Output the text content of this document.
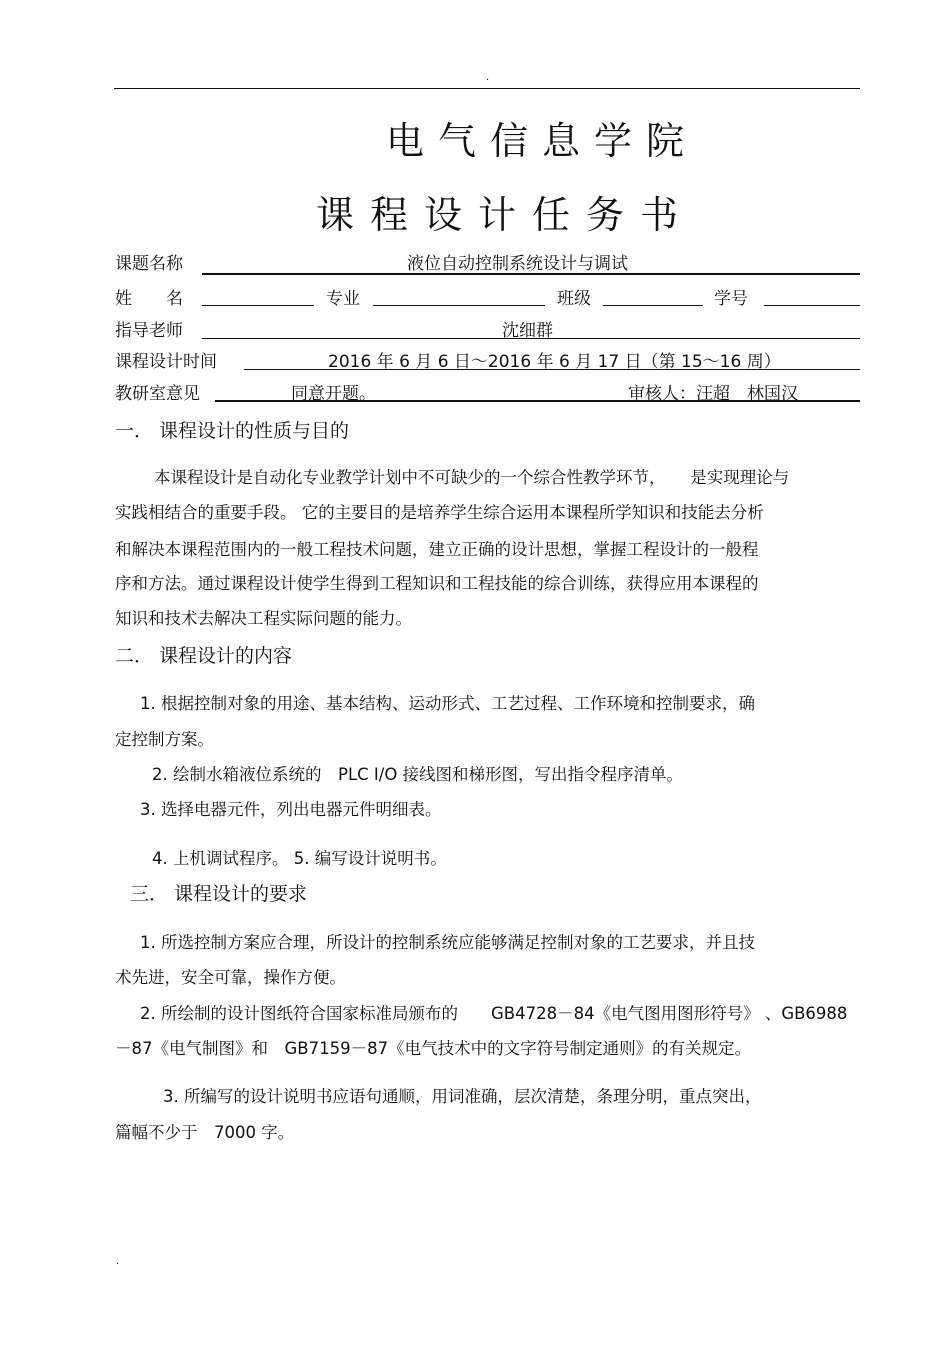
.
电气信息学院
课程设计任务书
课题名称	液位自动控制系统设计与调试
姓　　名	专业	班级	学号
指导老师	沈细群
课程设计时间	2016 年 6 月 6 日～2016 年 6 月 17 日（第 15～16 周）
教研室意见	同意开题。	审核人：汪超　林国汉
一． 课程设计的性质与目的
本课程设计是自动化专业教学计划中不可缺少的一个综合性教学环节，　　是实现理论与
实践相结合的重要手段。 它的主要目的是培养学生综合运用本课程所学知识和技能去分析
和解决本课程范围内的一般工程技术问题，建立正确的设计思想，掌握工程设计的一般程
序和方法。通过课程设计使学生得到工程知识和工程技能的综合训练，获得应用本课程的
知识和技术去解决工程实际问题的能力。
二． 课程设计的内容
1. 根据控制对象的用途、基本结构、运动形式、工艺过程、工作环境和控制要求，确
定控制方案。
2. 绘制水箱液位系统的　PLC I/O 接线图和梯形图，写出指令程序清单。
3. 选择电器元件，列出电器元件明细表。
4. 上机调试程序。 5. 编写设计说明书。
三． 课程设计的要求
1. 所选控制方案应合理，所设计的控制系统应能够满足控制对象的工艺要求，并且技
术先进，安全可靠，操作方便。
2. 所绘制的设计图纸符合国家标准局颁布的　　GB4728－84《电气图用图形符号》 、GB6988
－87《电气制图》和　GB7159－87《电气技术中的文字符号制定通则》的有关规定。
3. 所编写的设计说明书应语句通顺，用词准确，层次清楚，条理分明，重点突出，
篇幅不少于　7000 字。
.
